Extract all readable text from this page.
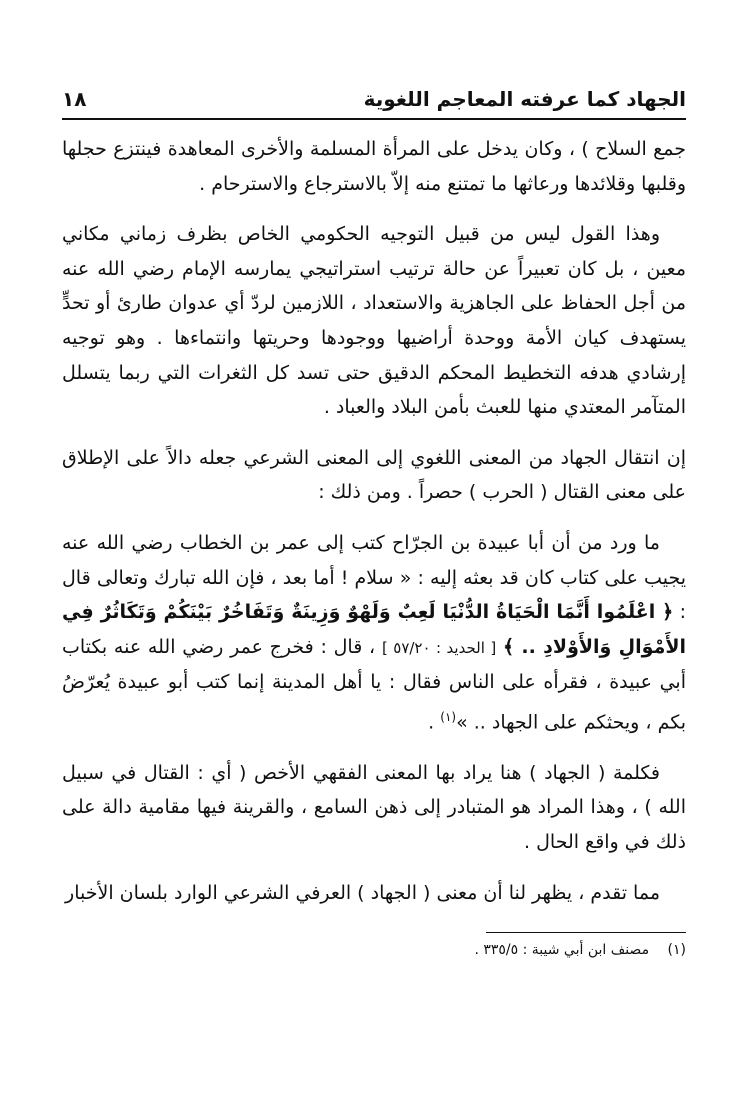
الجهاد كما عرفته المعاجم اللغوية
١٨

جمع السلاح ) ، وكان يدخل على المرأة المسلمة والأخرى المعاهدة فينتزع حجلها وقلبها وقلائدها ورعاثها ما تمتنع منه إلاّ بالاسترجاع والاسترحام .

وهذا القول ليس من قبيل التوجيه الحكومي الخاص بظرف زماني مكاني معين ، بل كان تعبيراً عن حالة ترتيب استراتيجي يمارسه الإمام رضي الله عنه من أجل الحفاظ على الجاهزية والاستعداد ، اللازمين لردّ أي عدوان طارئ أو تحدٍّ يستهدف كيان الأمة ووحدة أراضيها ووجودها وحريتها وانتماءها . وهو توجيه إرشادي هدفه التخطيط المحكم الدقيق حتى تسد كل الثغرات التي ربما يتسلل المتآمر المعتدي منها للعبث بأمن البلاد والعباد .

إن انتقال الجهاد من المعنى اللغوي إلى المعنى الشرعي جعله دالاً على الإطلاق على معنى القتال ( الحرب ) حصراً . ومن ذلك :

ما ورد من أن أبا عبيدة بن الجرّاح كتب إلى عمر بن الخطاب رضي الله عنه يجيب على كتاب كان قد بعثه إليه : « سلام ! أما بعد ، فإن الله تبارك وتعالى قال : ﴿ اعْلَمُوا أَنَّمَا الْحَيَاةُ الدُّنْيَا لَعِبٌ وَلَهْوٌ وَزِينَةٌ وَتَفَاخُرٌ بَيْنَكُمْ وَتَكَاثُرٌ فِي الأَمْوَالِ وَالأَوْلادِ .. ﴾ [ الحديد : ٥٧/٢٠ ] ، قال : فخرج عمر رضي الله عنه بكتاب أبي عبيدة ، فقرأه على الناس فقال : يا أهل المدينة إنما كتب أبو عبيدة يُعرّضُ بكم ، ويحثكم على الجهاد .. »$^{(١)}$ .

فكلمة ( الجهاد ) هنا يراد بها المعنى الفقهي الأخص ( أي : القتال في سبيل الله ) ، وهذا المراد هو المتبادر إلى ذهن السامع ، والقرينة فيها مقامية دالة على ذلك في واقع الحال .

مما تقدم ، يظهر لنا أن معنى ( الجهاد ) العرفي الشرعي الوارد بلسان الأخبار

(١) مصنف ابن أبي شيبة : ٣٣٥/٥ .
